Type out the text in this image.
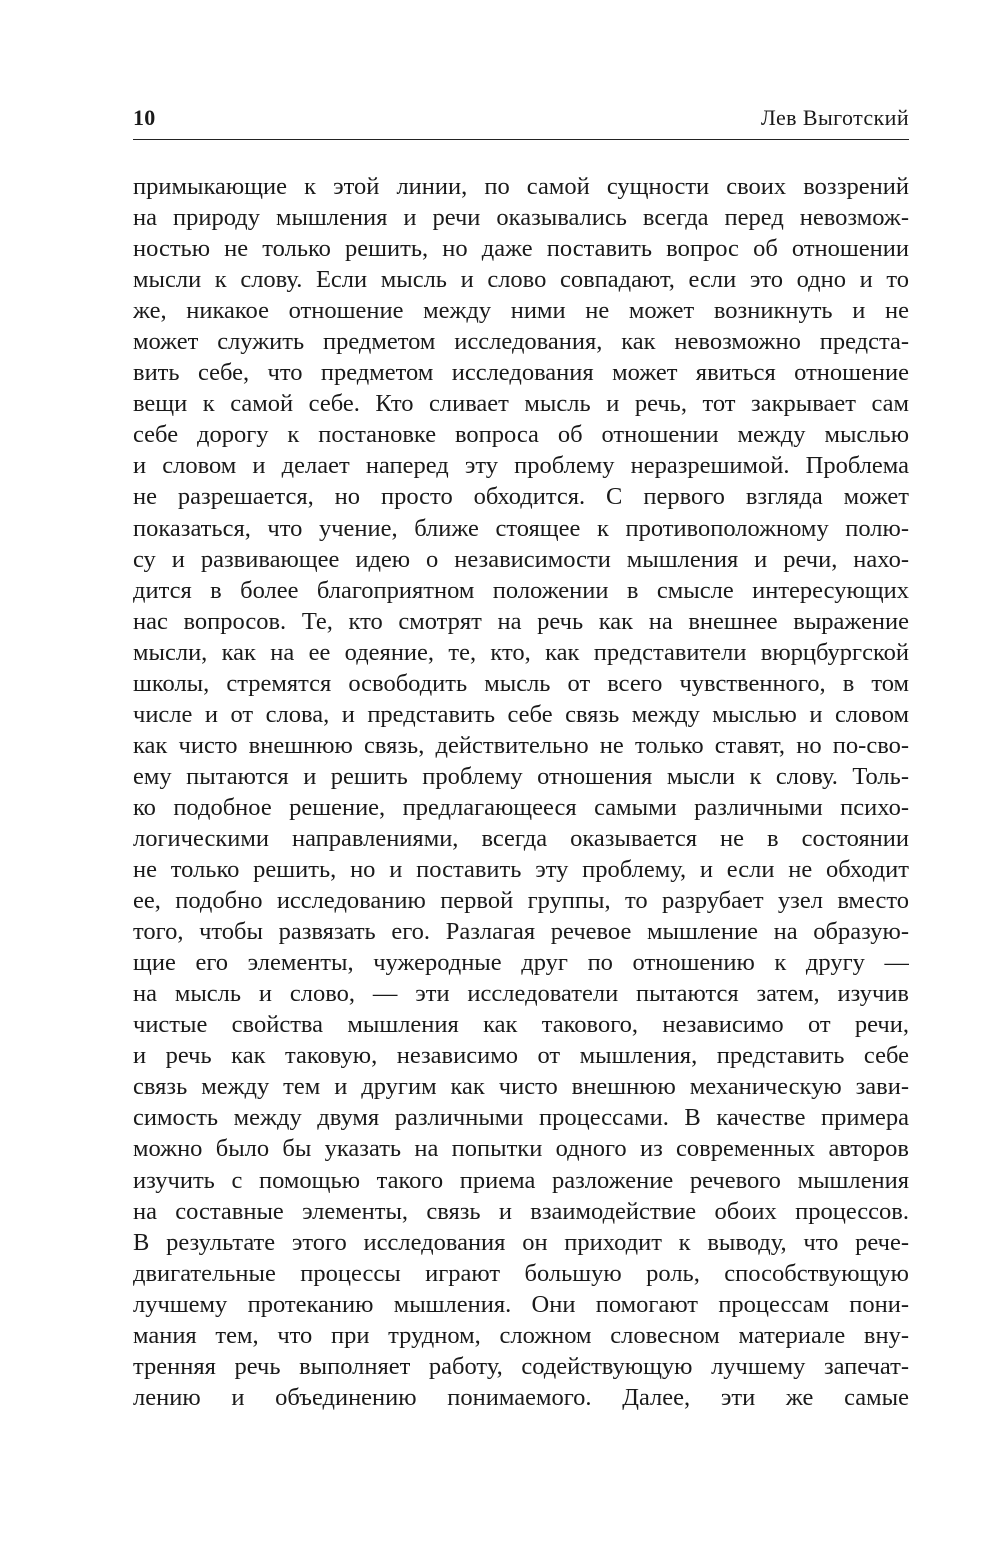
10	Лев Выготский
примыкающие к этой линии, по самой сущности своих воззрений
на природу мышления и речи оказывались всегда перед невозмож-
ностью не только решить, но даже поставить вопрос об отношении
мысли к слову. Если мысль и слово совпадают, если это одно и то
же, никакое отношение между ними не может возникнуть и не
может служить предметом исследования, как невозможно предста-
вить себе, что предметом исследования может явиться отношение
вещи к самой себе. Кто сливает мысль и речь, тот закрывает сам
себе дорогу к постановке вопроса об отношении между мыслью
и словом и делает наперед эту проблему неразрешимой. Проблема
не разрешается, но просто обходится. С первого взгляда может
показаться, что учение, ближе стоящее к противоположному полю-
су и развивающее идею о независимости мышления и речи, нахо-
дится в более благоприятном положении в смысле интересующих
нас вопросов. Те, кто смотрят на речь как на внешнее выражение
мысли, как на ее одеяние, те, кто, как представители вюрцбургской
школы, стремятся освободить мысль от всего чувственного, в том
числе и от слова, и представить себе связь между мыслью и словом
как чисто внешнюю связь, действительно не только ставят, но по-сво-
ему пытаются и решить проблему отношения мысли к слову. Толь-
ко подобное решение, предлагающееся самыми различными психо-
логическими направлениями, всегда оказывается не в состоянии
не только решить, но и поставить эту проблему, и если не обходит
ее, подобно исследованию первой группы, то разрубает узел вместо
того, чтобы развязать его. Разлагая речевое мышление на образую-
щие его элементы, чужеродные друг по отношению к другу —
на мысль и слово, — эти исследователи пытаются затем, изучив
чистые свойства мышления как такового, независимо от речи,
и речь как таковую, независимо от мышления, представить себе
связь между тем и другим как чисто внешнюю механическую зави-
симость между двумя различными процессами. В качестве примера
можно было бы указать на попытки одного из современных авторов
изучить с помощью такого приема разложение речевого мышления
на составные элементы, связь и взаимодействие обоих процессов.
В результате этого исследования он приходит к выводу, что рече-
двигательные процессы играют большую роль, способствующую
лучшему протеканию мышления. Они помогают процессам пони-
мания тем, что при трудном, сложном словесном материале вну-
тренняя речь выполняет работу, содействующую лучшему запечат-
лению и объединению понимаемого. Далее, эти же самые
